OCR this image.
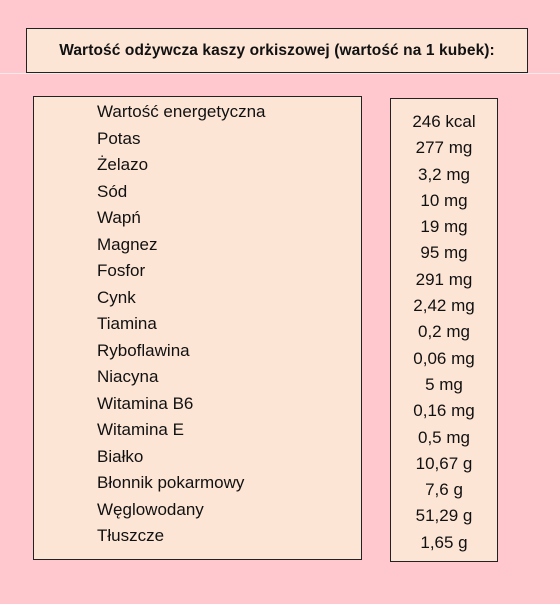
Wartość odżywcza kaszy orkiszowej (wartość na 1 kubek):
Wartość energetyczna
Potas
Żelazo
Sód
Wapń
Magnez
Fosfor
Cynk
Tiamina
Ryboflawina
Niacyna
Witamina B6
Witamina E
Białko
Błonnik pokarmowy
Węglowodany
Tłuszcze
246 kcal
277 mg
3,2 mg
10 mg
19 mg
95 mg
291 mg
2,42 mg
0,2 mg
0,06 mg
5 mg
0,16 mg
0,5 mg
10,67 g
7,6 g
51,29 g
1,65 g
